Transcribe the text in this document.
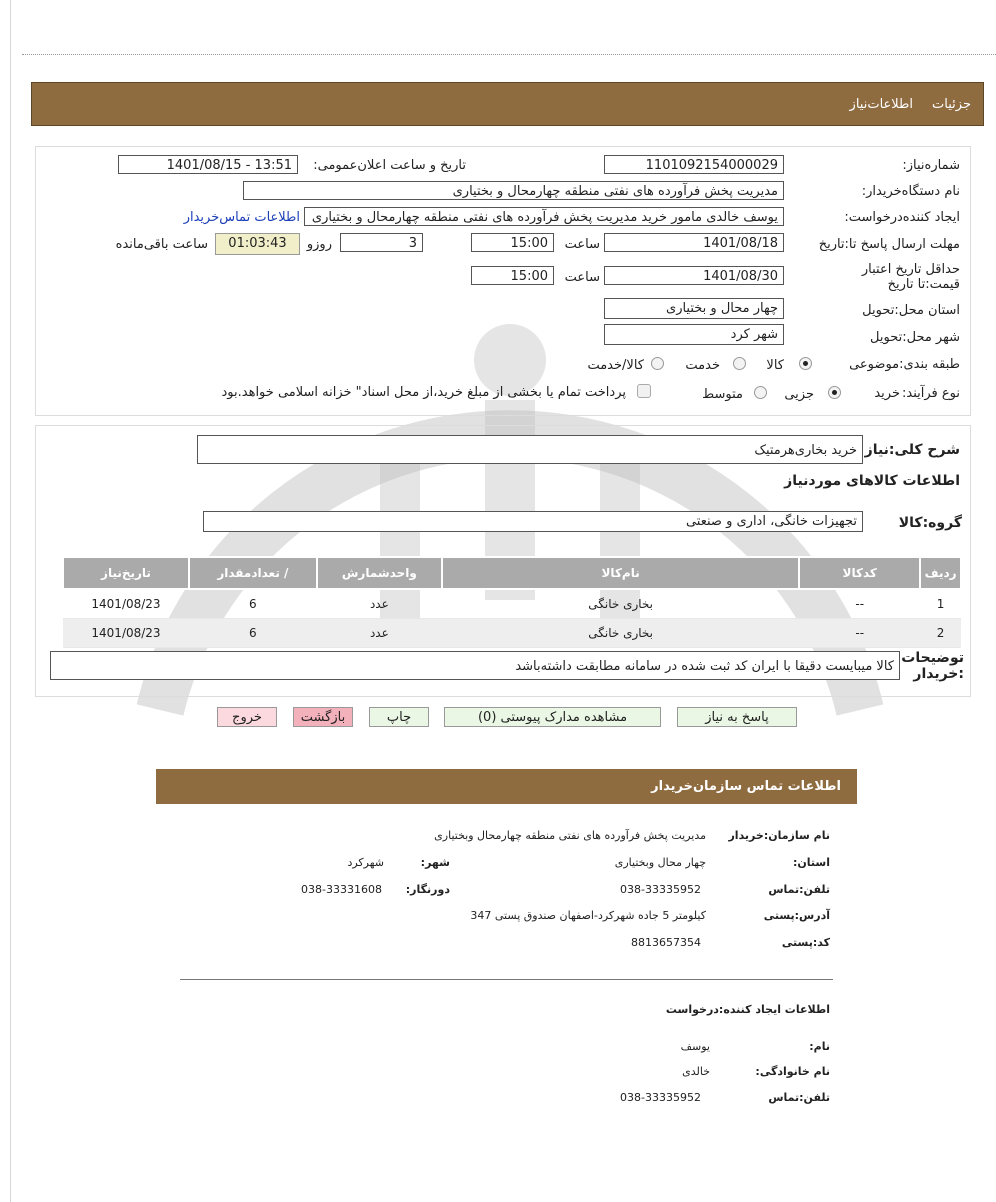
جزئیات
اطلاعات‌نیاز
شماره‌نیاز:
1101092154000029
تاریخ و ساعت اعلان‌عمومی:
1401/08/15 - 13:51
نام دستگاه‌خریدار:
مدیریت پخش فرآورده های نفتی منطقه چهارمحال و بختیاری
ایجاد کننده‌درخواست:
یوسف خالدی مامور خرید مدیریت پخش فرآورده های نفتی منطقه چهارمحال و بختیاری
اطلاعات تماس‌خریدار
مهلت ارسال پاسخ تا:تاریخ
1401/08/18
ساعت
15:00
روزو	3
01:03:43
ساعت باقی‌مانده
حداقل تاریخ اعتبار قیمت:تا تاریخ
1401/08/30
ساعت
15:00
استان محل:تحویل
چهار محال و بختیاری
شهر محل:تحویل
شهر کرد
طبقه بندی:موضوعی
کالا
خدمت
کالا/خدمت
نوع فرآیند:
خرید
جزیی
متوسط
پرداخت تمام یا بخشی از مبلغ خرید،از محل اسناد" خزانه اسلامی خواهد.بود
شرح کلی:نیاز
خرید بخاری‌هرمتیک
اطلاعات کالاهای موردنیاز
گروه:کالا
تجهیزات خانگی، اداری و صنعتی
ردیف	کدکالا	نام‌کالا	واحدشمارش	/ تعدادمقدار	تاریخ‌نیاز
1	--	بخاری خانگی	عدد	6	1401/08/23
2	--	بخاری خانگی	عدد	6	1401/08/23
توضیحات :خریدار
کالا میبایست دقیقا با ایران کد ثبت شده در سامانه مطابقت داشته‌باشد
پاسخ به نیاز
مشاهده مدارک پیوستی (0)
چاپ
بازگشت
خروج
اطلاعات تماس سازمان‌خریدار
نام سازمان:خریدار
مدیریت پخش فرآورده های نفتی منطقه چهارمحال وبختیاری
استان:
چهار محال وبختیاری
شهر:
شهرکرد
تلفن:تماس
038-33335952
دورنگار:
038-33331608
آدرس:پستی
کیلومتر 5 جاده شهرکرد-اصفهان صندوق پستی 347
کد:پستی
8813657354
اطلاعات ایجاد کننده:درخواست
نام:
یوسف
نام خانوادگی:
خالدی
تلفن:تماس
038-33335952
